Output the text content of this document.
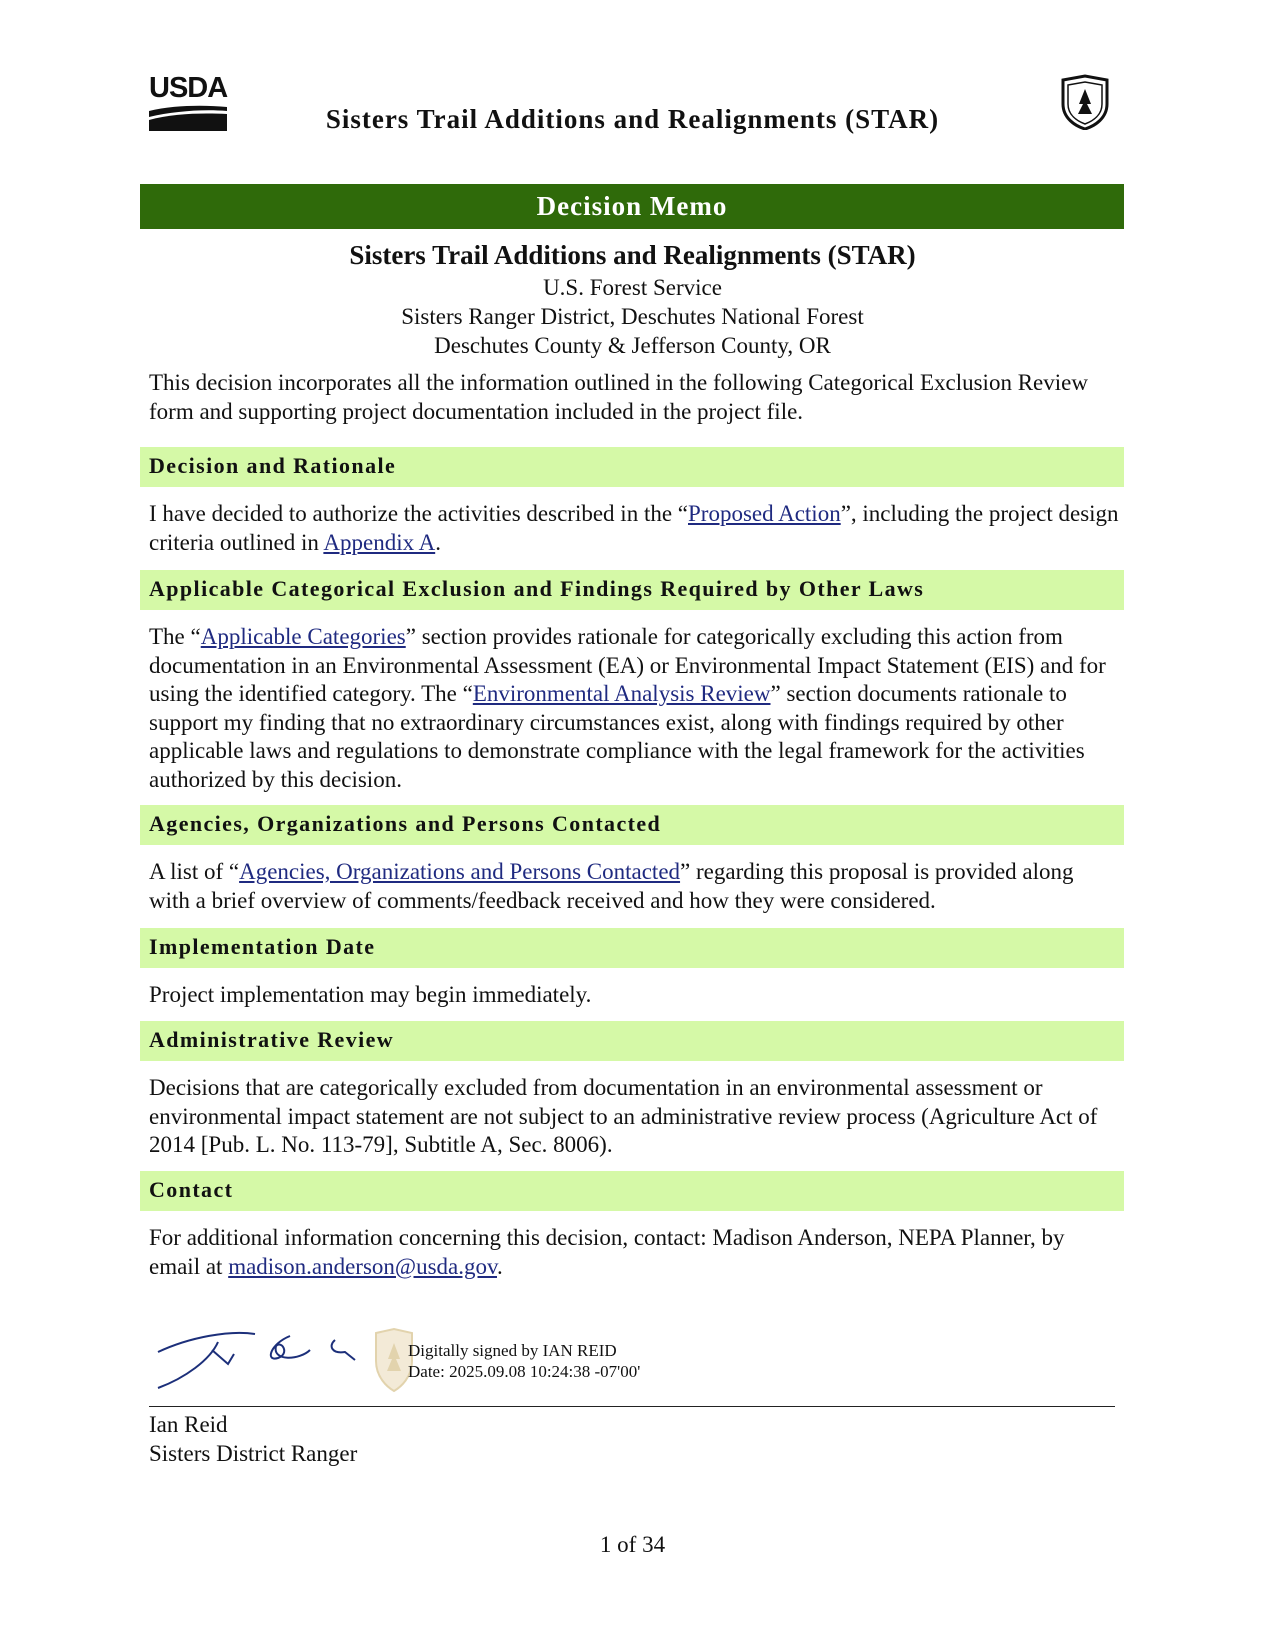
USDA
Sisters Trail Additions and Realignments (STAR)
Decision Memo
Sisters Trail Additions and Realignments (STAR)
U.S. Forest Service
Sisters Ranger District, Deschutes National Forest
Deschutes County & Jefferson County, OR
This decision incorporates all the information outlined in the following Categorical Exclusion Review form and supporting project documentation included in the project file.
Decision and Rationale
I have decided to authorize the activities described in the “Proposed Action”, including the project design criteria outlined in Appendix A.
Applicable Categorical Exclusion and Findings Required by Other Laws
The “Applicable Categories” section provides rationale for categorically excluding this action from documentation in an Environmental Assessment (EA) or Environmental Impact Statement (EIS) and for using the identified category. The “Environmental Analysis Review” section documents rationale to support my finding that no extraordinary circumstances exist, along with findings required by other applicable laws and regulations to demonstrate compliance with the legal framework for the activities authorized by this decision.
Agencies, Organizations and Persons Contacted
A list of “Agencies, Organizations and Persons Contacted” regarding this proposal is provided along with a brief overview of comments/feedback received and how they were considered.
Implementation Date
Project implementation may begin immediately.
Administrative Review
Decisions that are categorically excluded from documentation in an environmental assessment or environmental impact statement are not subject to an administrative review process (Agriculture Act of 2014 [Pub. L. No. 113-79], Subtitle A, Sec. 8006).
Contact
For additional information concerning this decision, contact: Madison Anderson, NEPA Planner, by email at madison.anderson@usda.gov.
Digitally signed by IAN REID
Date: 2025.09.08 10:24:38 -07'00'
Ian Reid
Sisters District Ranger
1 of 34
